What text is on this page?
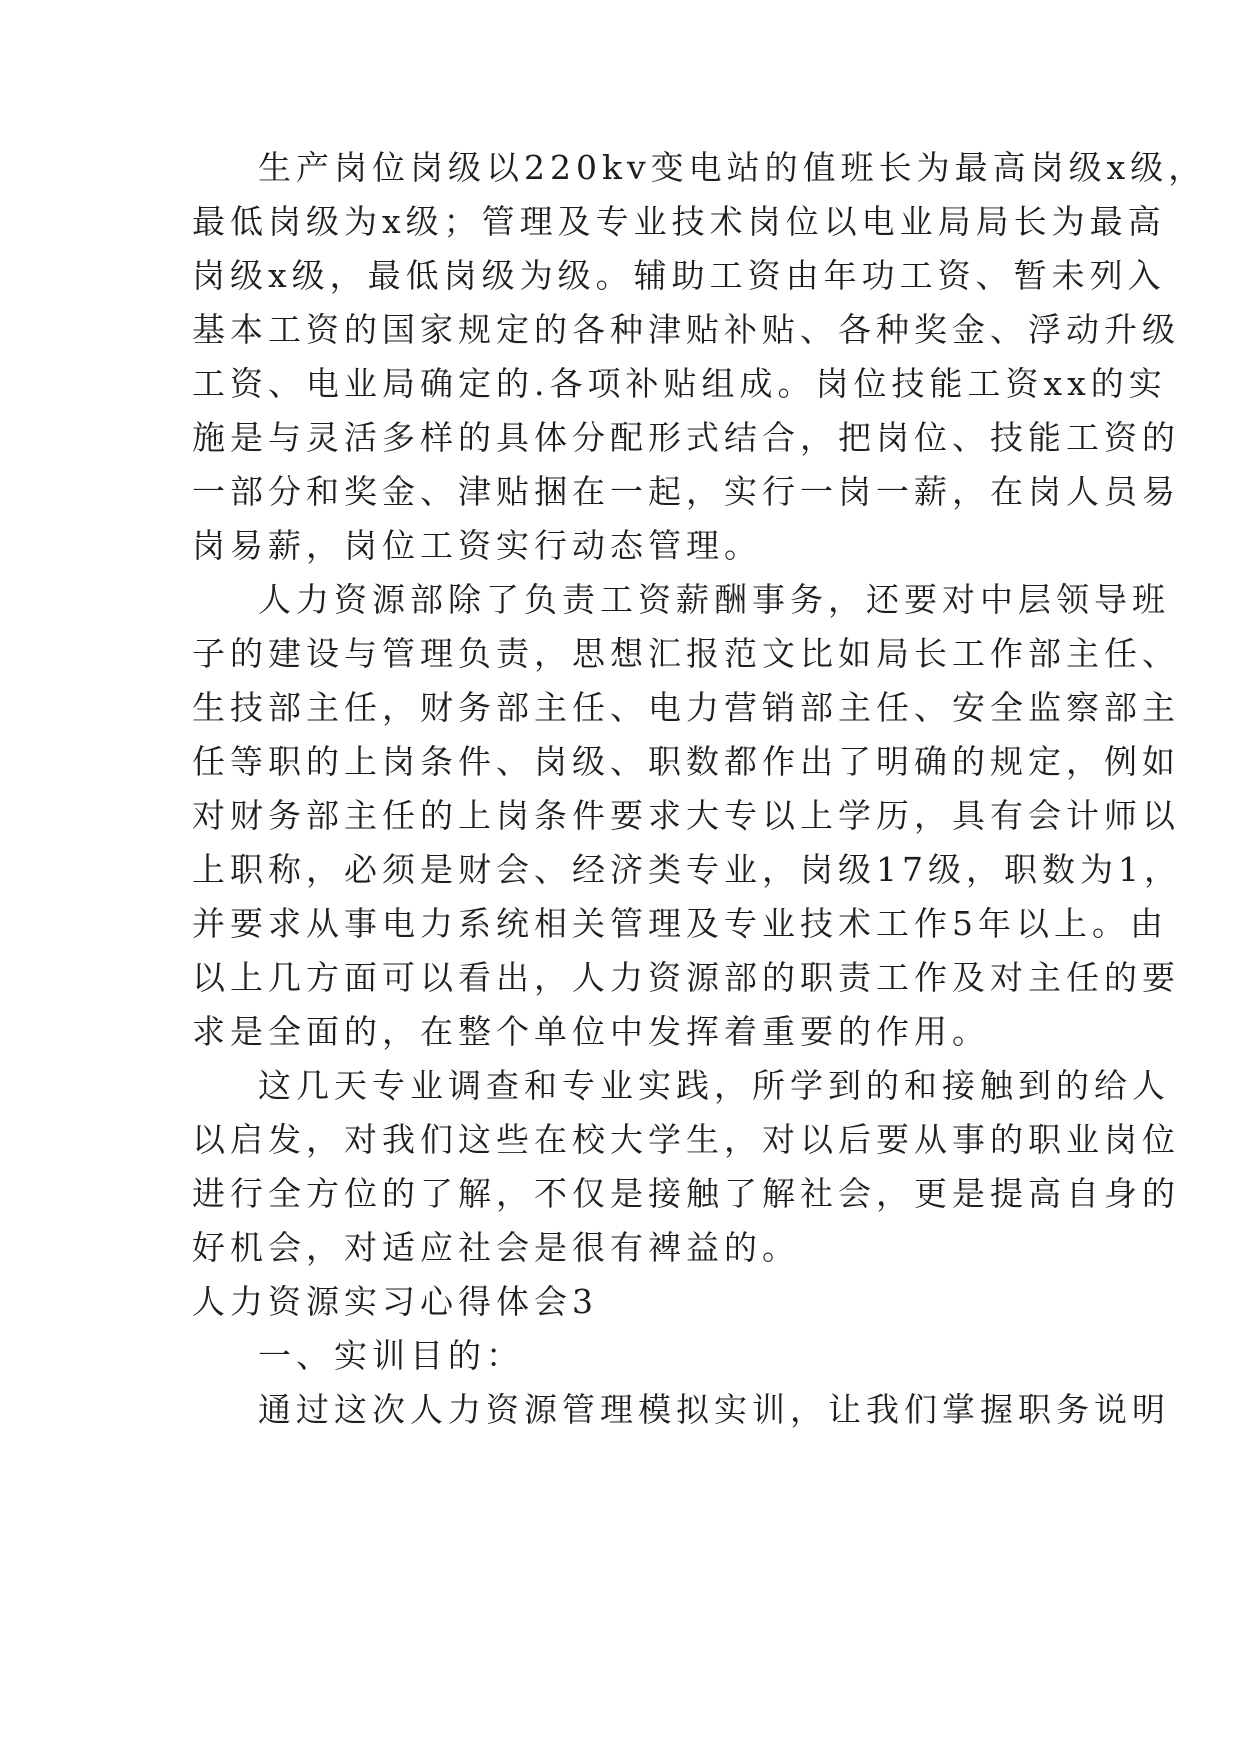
生产岗位岗级以220kv变电站的值班长为最高岗级x级，
最低岗级为x级；管理及专业技术岗位以电业局局长为最高
岗级x级，最低岗级为级。辅助工资由年功工资、暂未列入
基本工资的国家规定的各种津贴补贴、各种奖金、浮动升级
工资、电业局确定的.各项补贴组成。岗位技能工资xx的实
施是与灵活多样的具体分配形式结合，把岗位、技能工资的
一部分和奖金、津贴捆在一起，实行一岗一薪，在岗人员易
岗易薪，岗位工资实行动态管理。
人力资源部除了负责工资薪酬事务，还要对中层领导班
子的建设与管理负责，思想汇报范文比如局长工作部主任、
生技部主任，财务部主任、电力营销部主任、安全监察部主
任等职的上岗条件、岗级、职数都作出了明确的规定，例如
对财务部主任的上岗条件要求大专以上学历，具有会计师以
上职称，必须是财会、经济类专业，岗级17级，职数为1，
并要求从事电力系统相关管理及专业技术工作5年以上。由
以上几方面可以看出，人力资源部的职责工作及对主任的要
求是全面的，在整个单位中发挥着重要的作用。
这几天专业调查和专业实践，所学到的和接触到的给人
以启发，对我们这些在校大学生，对以后要从事的职业岗位
进行全方位的了解，不仅是接触了解社会，更是提高自身的
好机会，对适应社会是很有裨益的。
人力资源实习心得体会3
一、实训目的：
通过这次人力资源管理模拟实训，让我们掌握职务说明
